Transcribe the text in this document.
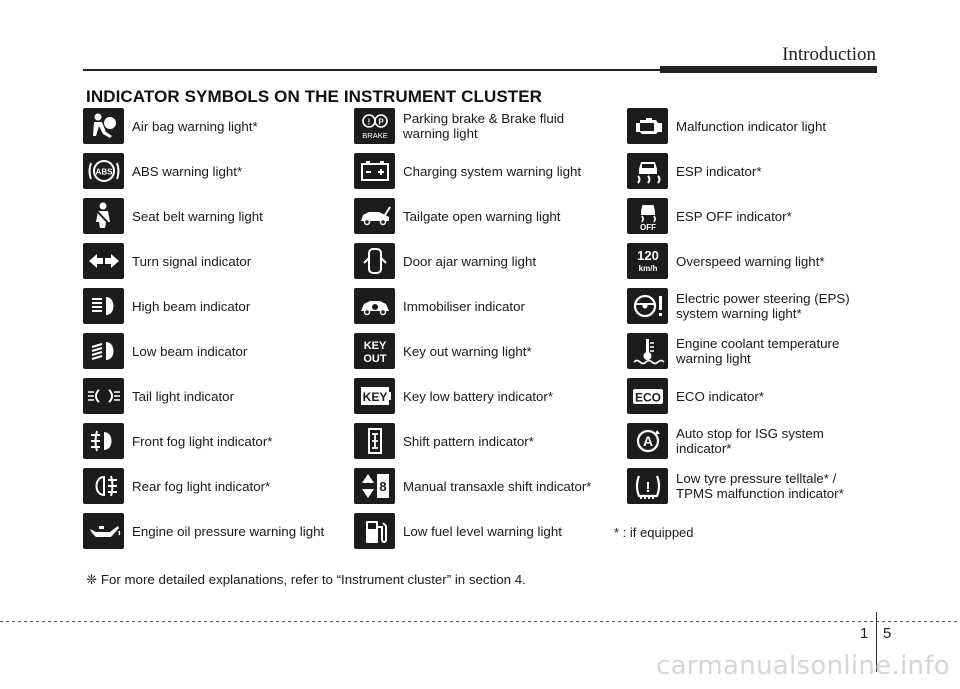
Introduction
INDICATOR SYMBOLS ON THE INSTRUMENT CLUSTER
Air bag warning light*
ABS ABS warning light*
Seat belt warning light
Turn signal indicator
High beam indicator
Low beam indicator
Tail light indicator
Front fog light indicator*
Rear fog light indicator*
Engine oil pressure warning light
! P
BRAKE
Parking brake & Brake fluid
warning light
Charging system warning light
Tailgate open warning light
Door ajar warning light
Immobiliser indicator
KEY
OUT
Key out warning light*
KEY Key low battery indicator*
Shift pattern indicator*
8 Manual transaxle shift indicator*
Low fuel level warning light
Malfunction indicator light
ESP indicator*
OFF
ESP OFF indicator*
120
km/h Overspeed warning light*
Electric power steering (EPS)
system warning light*
Engine coolant temperature
warning light
ECO ECO indicator*
A Auto stop for ISG system
indicator*
!
Low tyre pressure telltale* /
TPMS malfunction indicator*
* : if equipped
❈ For more detailed explanations, refer to “Instrument cluster” in section 4.
1 5
carmanualsonline.info
